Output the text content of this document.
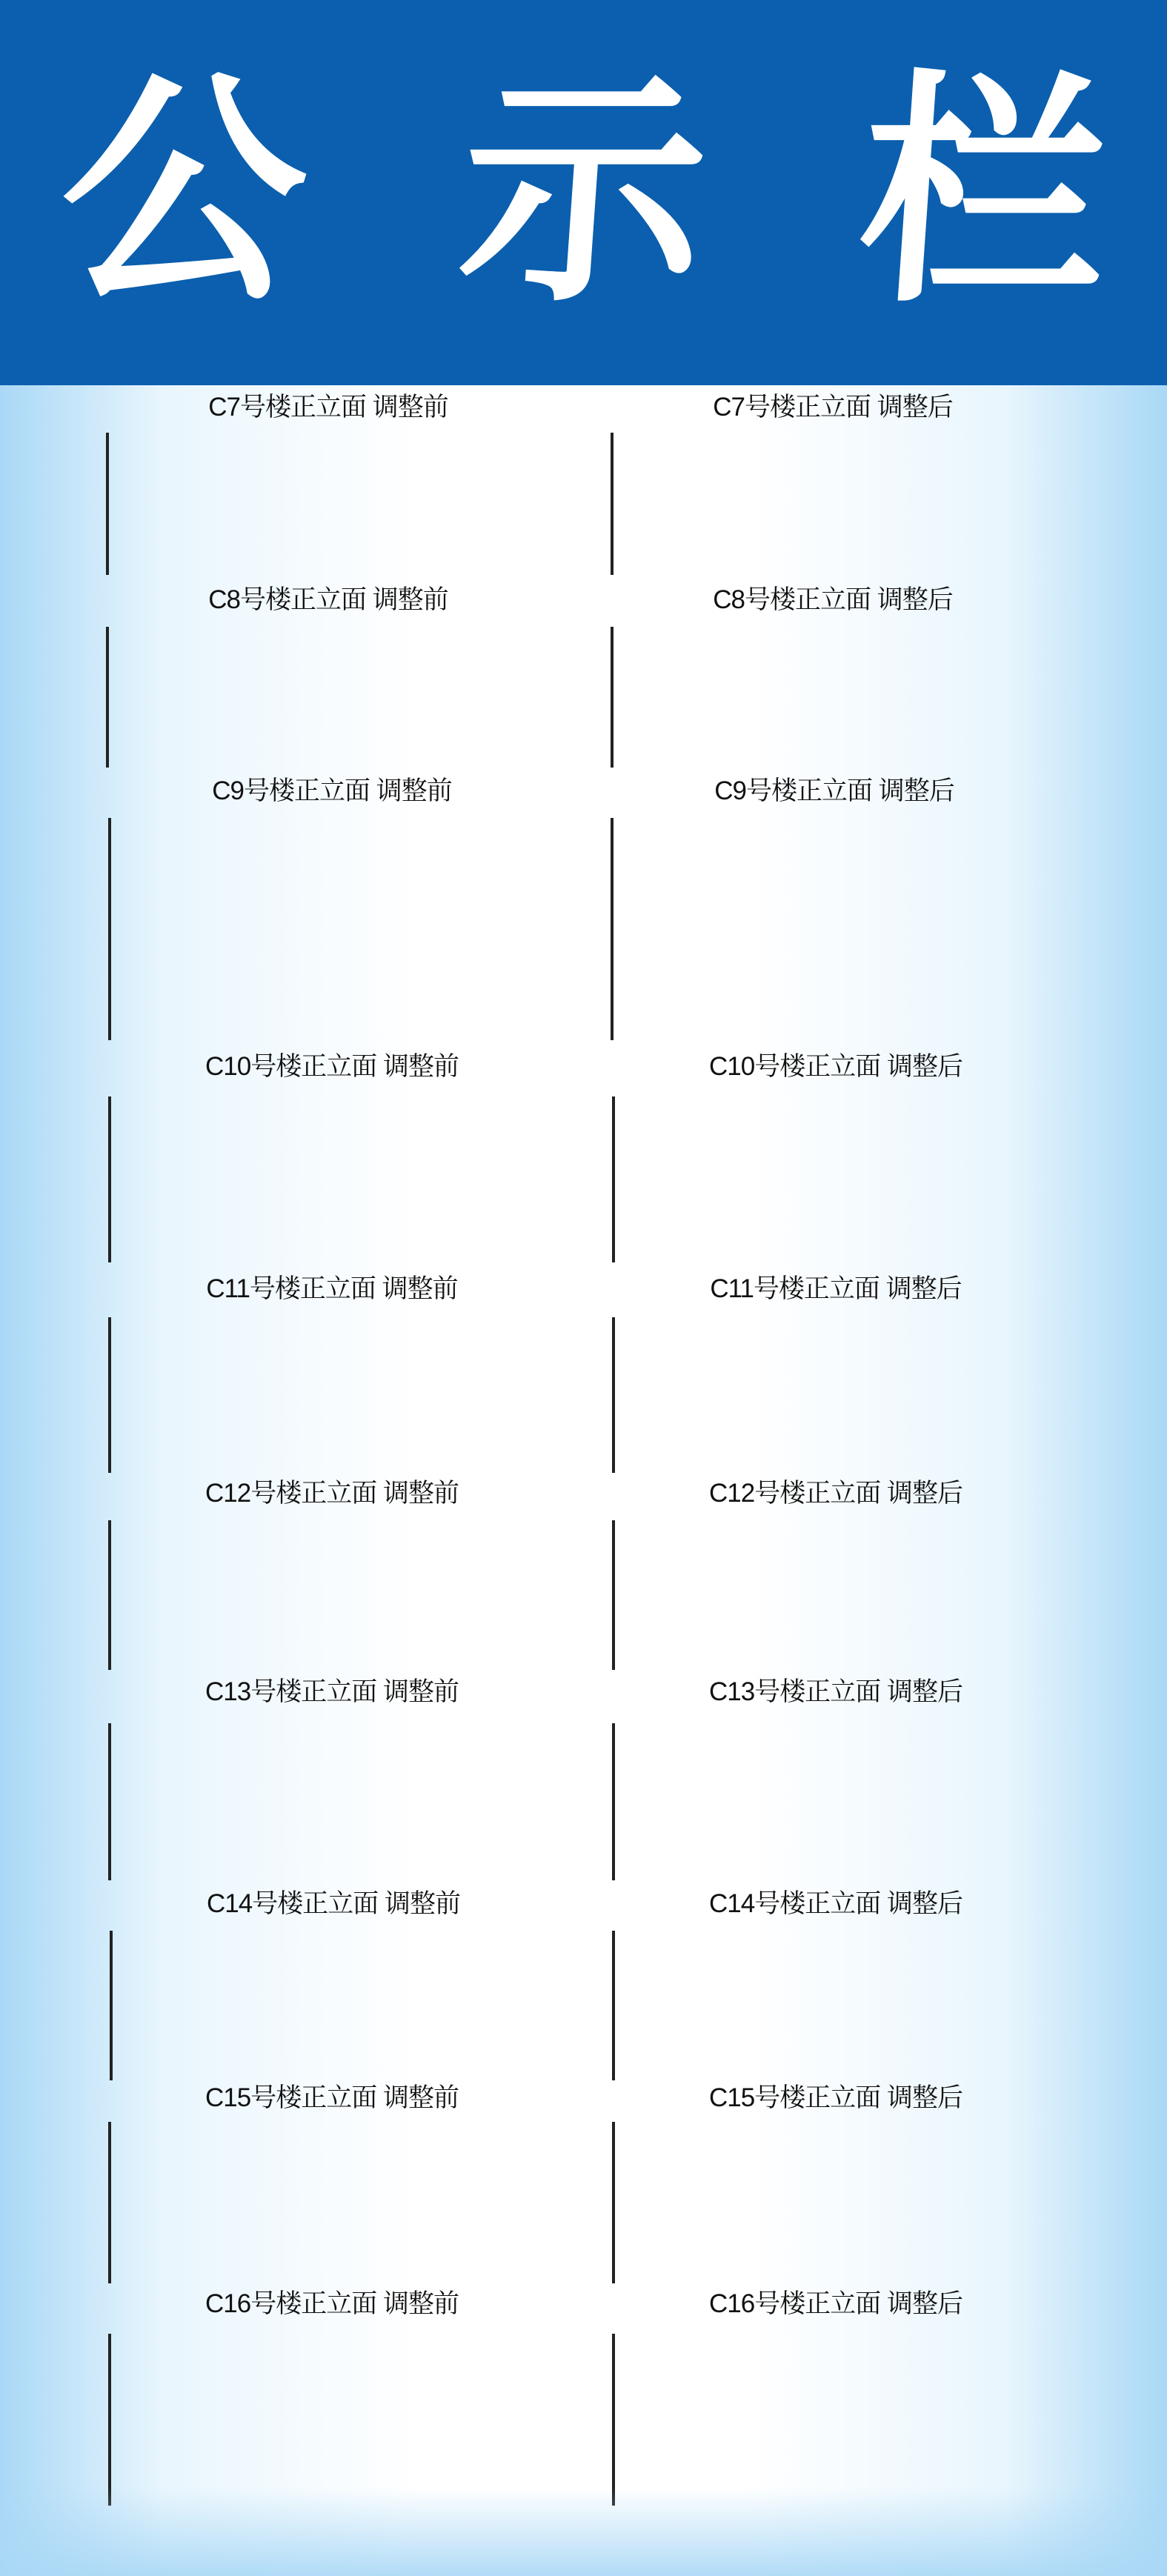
公 示 栏
C7号楼正立面 调整前	C7号楼正立面 调整后
C8号楼正立面 调整前	C8号楼正立面 调整后
C9号楼正立面 调整前	C9号楼正立面 调整后
C10号楼正立面 调整前	C10号楼正立面 调整后
C11号楼正立面 调整前	C11号楼正立面 调整后
C12号楼正立面 调整前	C12号楼正立面 调整后
C13号楼正立面 调整前	C13号楼正立面 调整后
C14号楼正立面 调整前	C14号楼正立面 调整后
C15号楼正立面 调整前	C15号楼正立面 调整后
C16号楼正立面 调整前	C16号楼正立面 调整后
